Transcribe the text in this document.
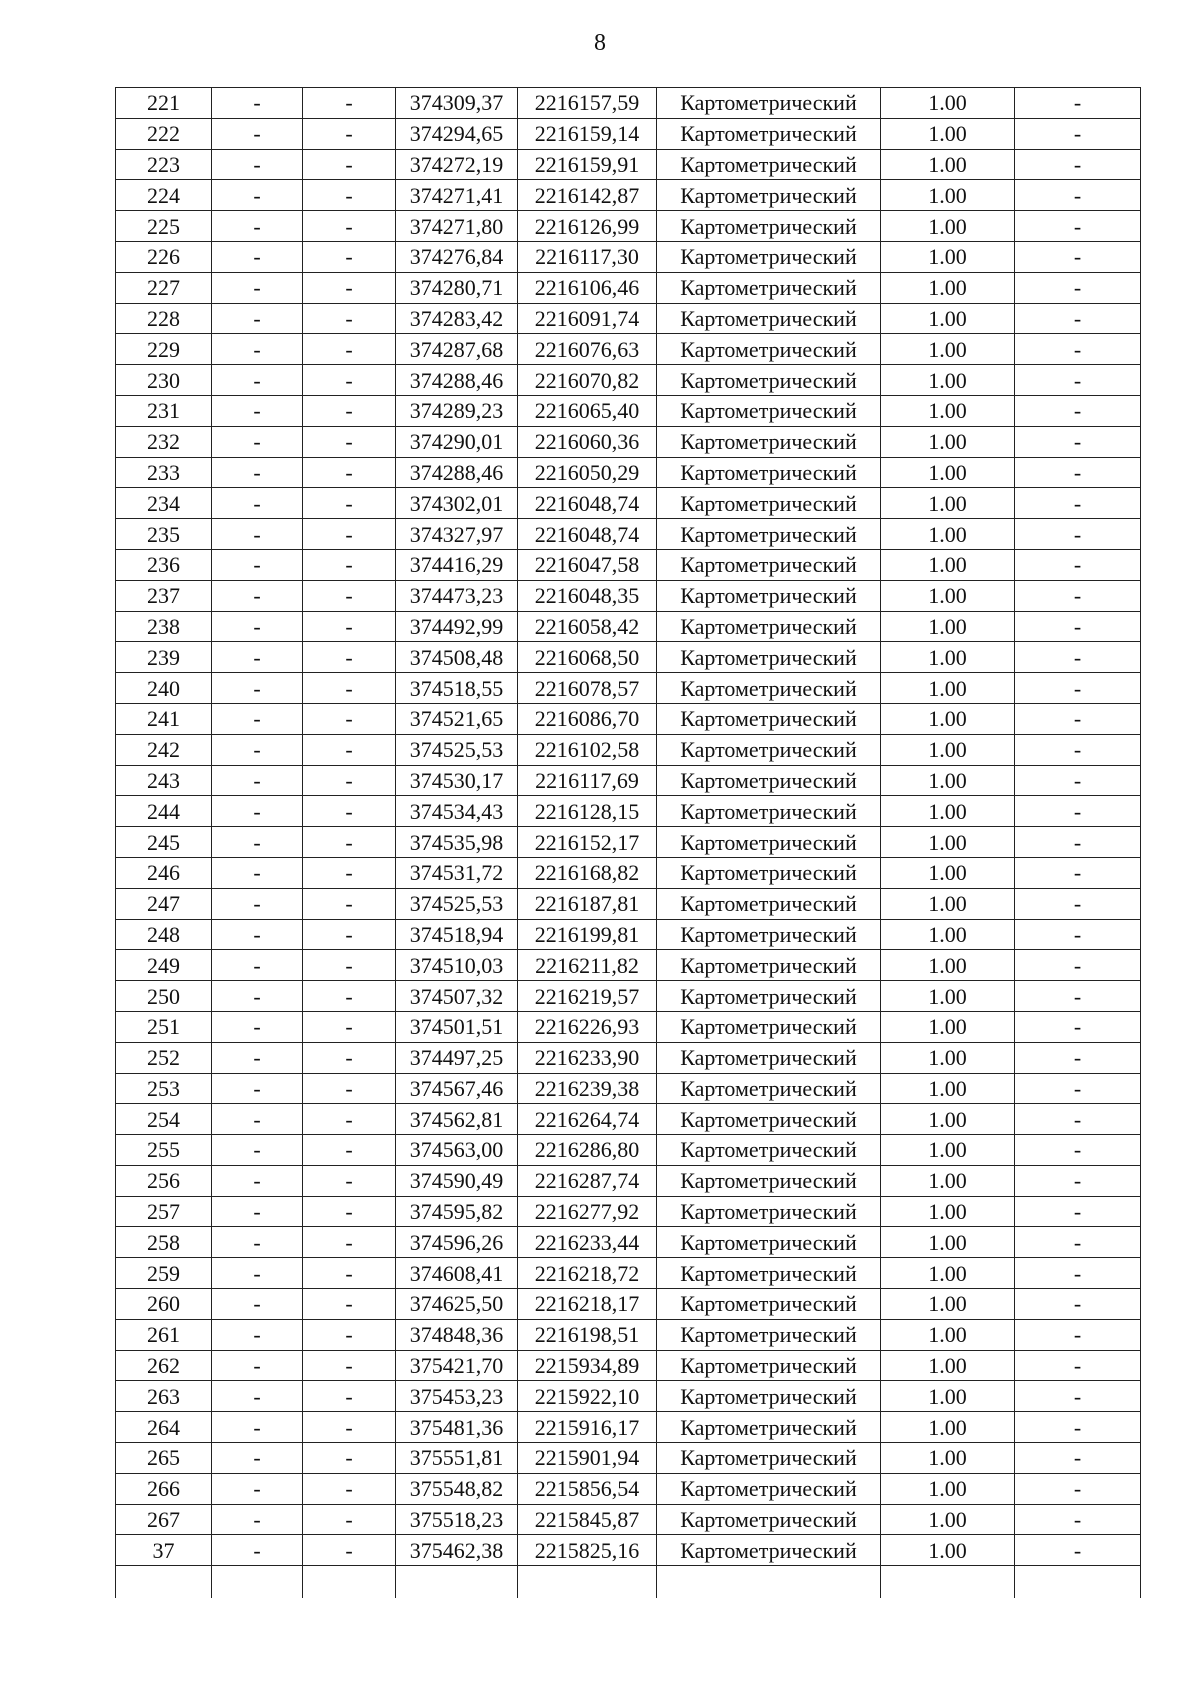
8
221	-	-	374309,37	2216157,59	Картометрический	1.00	-
222	-	-	374294,65	2216159,14	Картометрический	1.00	-
223	-	-	374272,19	2216159,91	Картометрический	1.00	-
224	-	-	374271,41	2216142,87	Картометрический	1.00	-
225	-	-	374271,80	2216126,99	Картометрический	1.00	-
226	-	-	374276,84	2216117,30	Картометрический	1.00	-
227	-	-	374280,71	2216106,46	Картометрический	1.00	-
228	-	-	374283,42	2216091,74	Картометрический	1.00	-
229	-	-	374287,68	2216076,63	Картометрический	1.00	-
230	-	-	374288,46	2216070,82	Картометрический	1.00	-
231	-	-	374289,23	2216065,40	Картометрический	1.00	-
232	-	-	374290,01	2216060,36	Картометрический	1.00	-
233	-	-	374288,46	2216050,29	Картометрический	1.00	-
234	-	-	374302,01	2216048,74	Картометрический	1.00	-
235	-	-	374327,97	2216048,74	Картометрический	1.00	-
236	-	-	374416,29	2216047,58	Картометрический	1.00	-
237	-	-	374473,23	2216048,35	Картометрический	1.00	-
238	-	-	374492,99	2216058,42	Картометрический	1.00	-
239	-	-	374508,48	2216068,50	Картометрический	1.00	-
240	-	-	374518,55	2216078,57	Картометрический	1.00	-
241	-	-	374521,65	2216086,70	Картометрический	1.00	-
242	-	-	374525,53	2216102,58	Картометрический	1.00	-
243	-	-	374530,17	2216117,69	Картометрический	1.00	-
244	-	-	374534,43	2216128,15	Картометрический	1.00	-
245	-	-	374535,98	2216152,17	Картометрический	1.00	-
246	-	-	374531,72	2216168,82	Картометрический	1.00	-
247	-	-	374525,53	2216187,81	Картометрический	1.00	-
248	-	-	374518,94	2216199,81	Картометрический	1.00	-
249	-	-	374510,03	2216211,82	Картометрический	1.00	-
250	-	-	374507,32	2216219,57	Картометрический	1.00	-
251	-	-	374501,51	2216226,93	Картометрический	1.00	-
252	-	-	374497,25	2216233,90	Картометрический	1.00	-
253	-	-	374567,46	2216239,38	Картометрический	1.00	-
254	-	-	374562,81	2216264,74	Картометрический	1.00	-
255	-	-	374563,00	2216286,80	Картометрический	1.00	-
256	-	-	374590,49	2216287,74	Картометрический	1.00	-
257	-	-	374595,82	2216277,92	Картометрический	1.00	-
258	-	-	374596,26	2216233,44	Картометрический	1.00	-
259	-	-	374608,41	2216218,72	Картометрический	1.00	-
260	-	-	374625,50	2216218,17	Картометрический	1.00	-
261	-	-	374848,36	2216198,51	Картометрический	1.00	-
262	-	-	375421,70	2215934,89	Картометрический	1.00	-
263	-	-	375453,23	2215922,10	Картометрический	1.00	-
264	-	-	375481,36	2215916,17	Картометрический	1.00	-
265	-	-	375551,81	2215901,94	Картометрический	1.00	-
266	-	-	375548,82	2215856,54	Картометрический	1.00	-
267	-	-	375518,23	2215845,87	Картометрический	1.00	-
37	-	-	375462,38	2215825,16	Картометрический	1.00	-
